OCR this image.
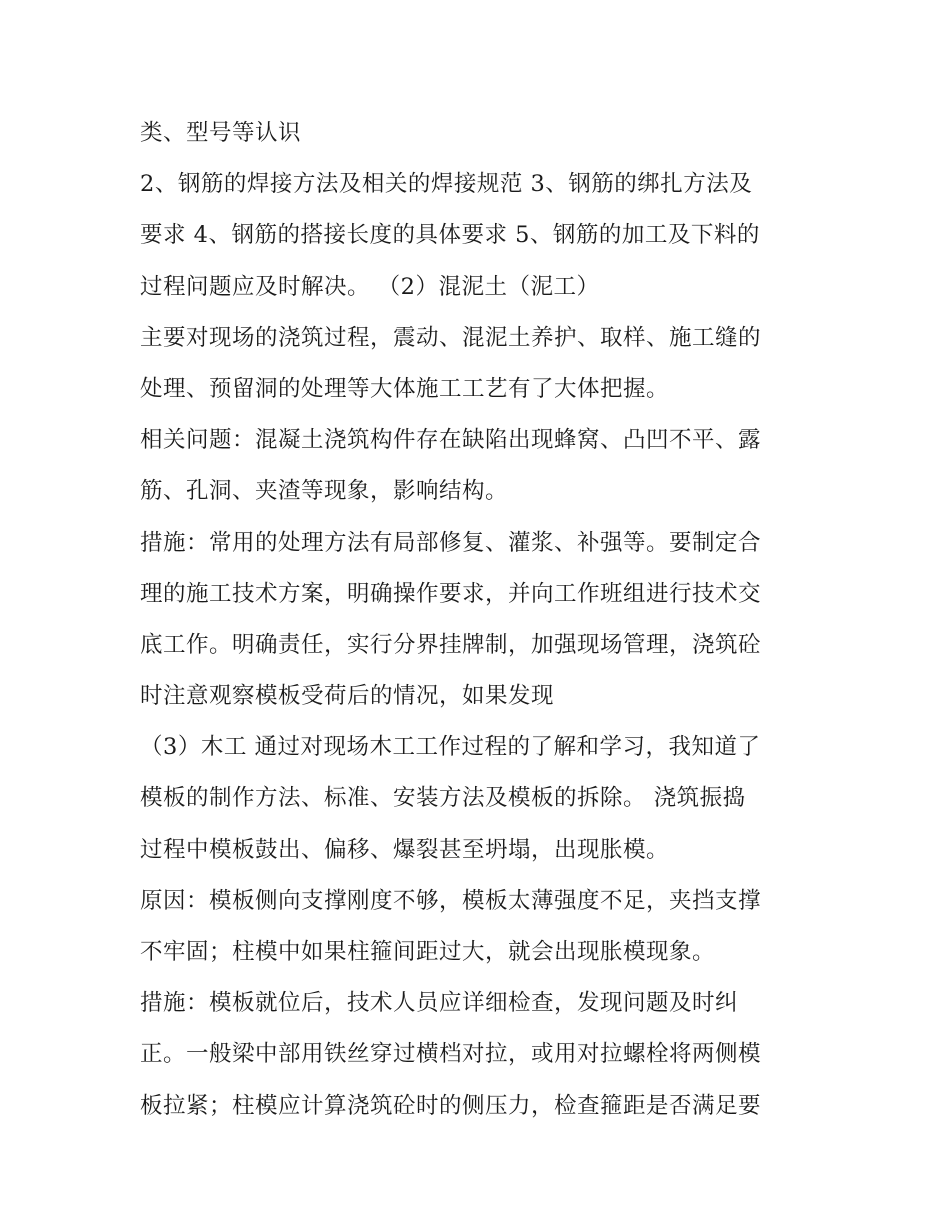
类、型号等认识
2、钢筋的焊接方法及相关的焊接规范 3、钢筋的绑扎方法及
要求 4、钢筋的搭接长度的具体要求 5、钢筋的加工及下料的
过程问题应及时解决。 （2）混泥土（泥工）
主要对现场的浇筑过程，震动、混泥土养护、取样、施工缝的
处理、预留洞的处理等大体施工工艺有了大体把握。
相关问题：混凝土浇筑构件存在缺陷出现蜂窝、凸凹不平、露
筋、孔洞、夹渣等现象，影响结构。
措施：常用的处理方法有局部修复、灌浆、补强等。要制定合
理的施工技术方案，明确操作要求，并向工作班组进行技术交
底工作。明确责任，实行分界挂牌制，加强现场管理，浇筑砼
时注意观察模板受荷后的情况，如果发现
（3）木工 通过对现场木工工作过程的了解和学习，我知道了
模板的制作方法、标准、安装方法及模板的拆除。 浇筑振捣
过程中模板鼓出、偏移、爆裂甚至坍塌，出现胀模。
原因：模板侧向支撑刚度不够，模板太薄强度不足，夹挡支撑
不牢固；柱模中如果柱箍间距过大，就会出现胀模现象。
措施：模板就位后，技术人员应详细检查，发现问题及时纠
正。一般梁中部用铁丝穿过横档对拉，或用对拉螺栓将两侧模
板拉紧；柱模应计算浇筑砼时的侧压力，检查箍距是否满足要
